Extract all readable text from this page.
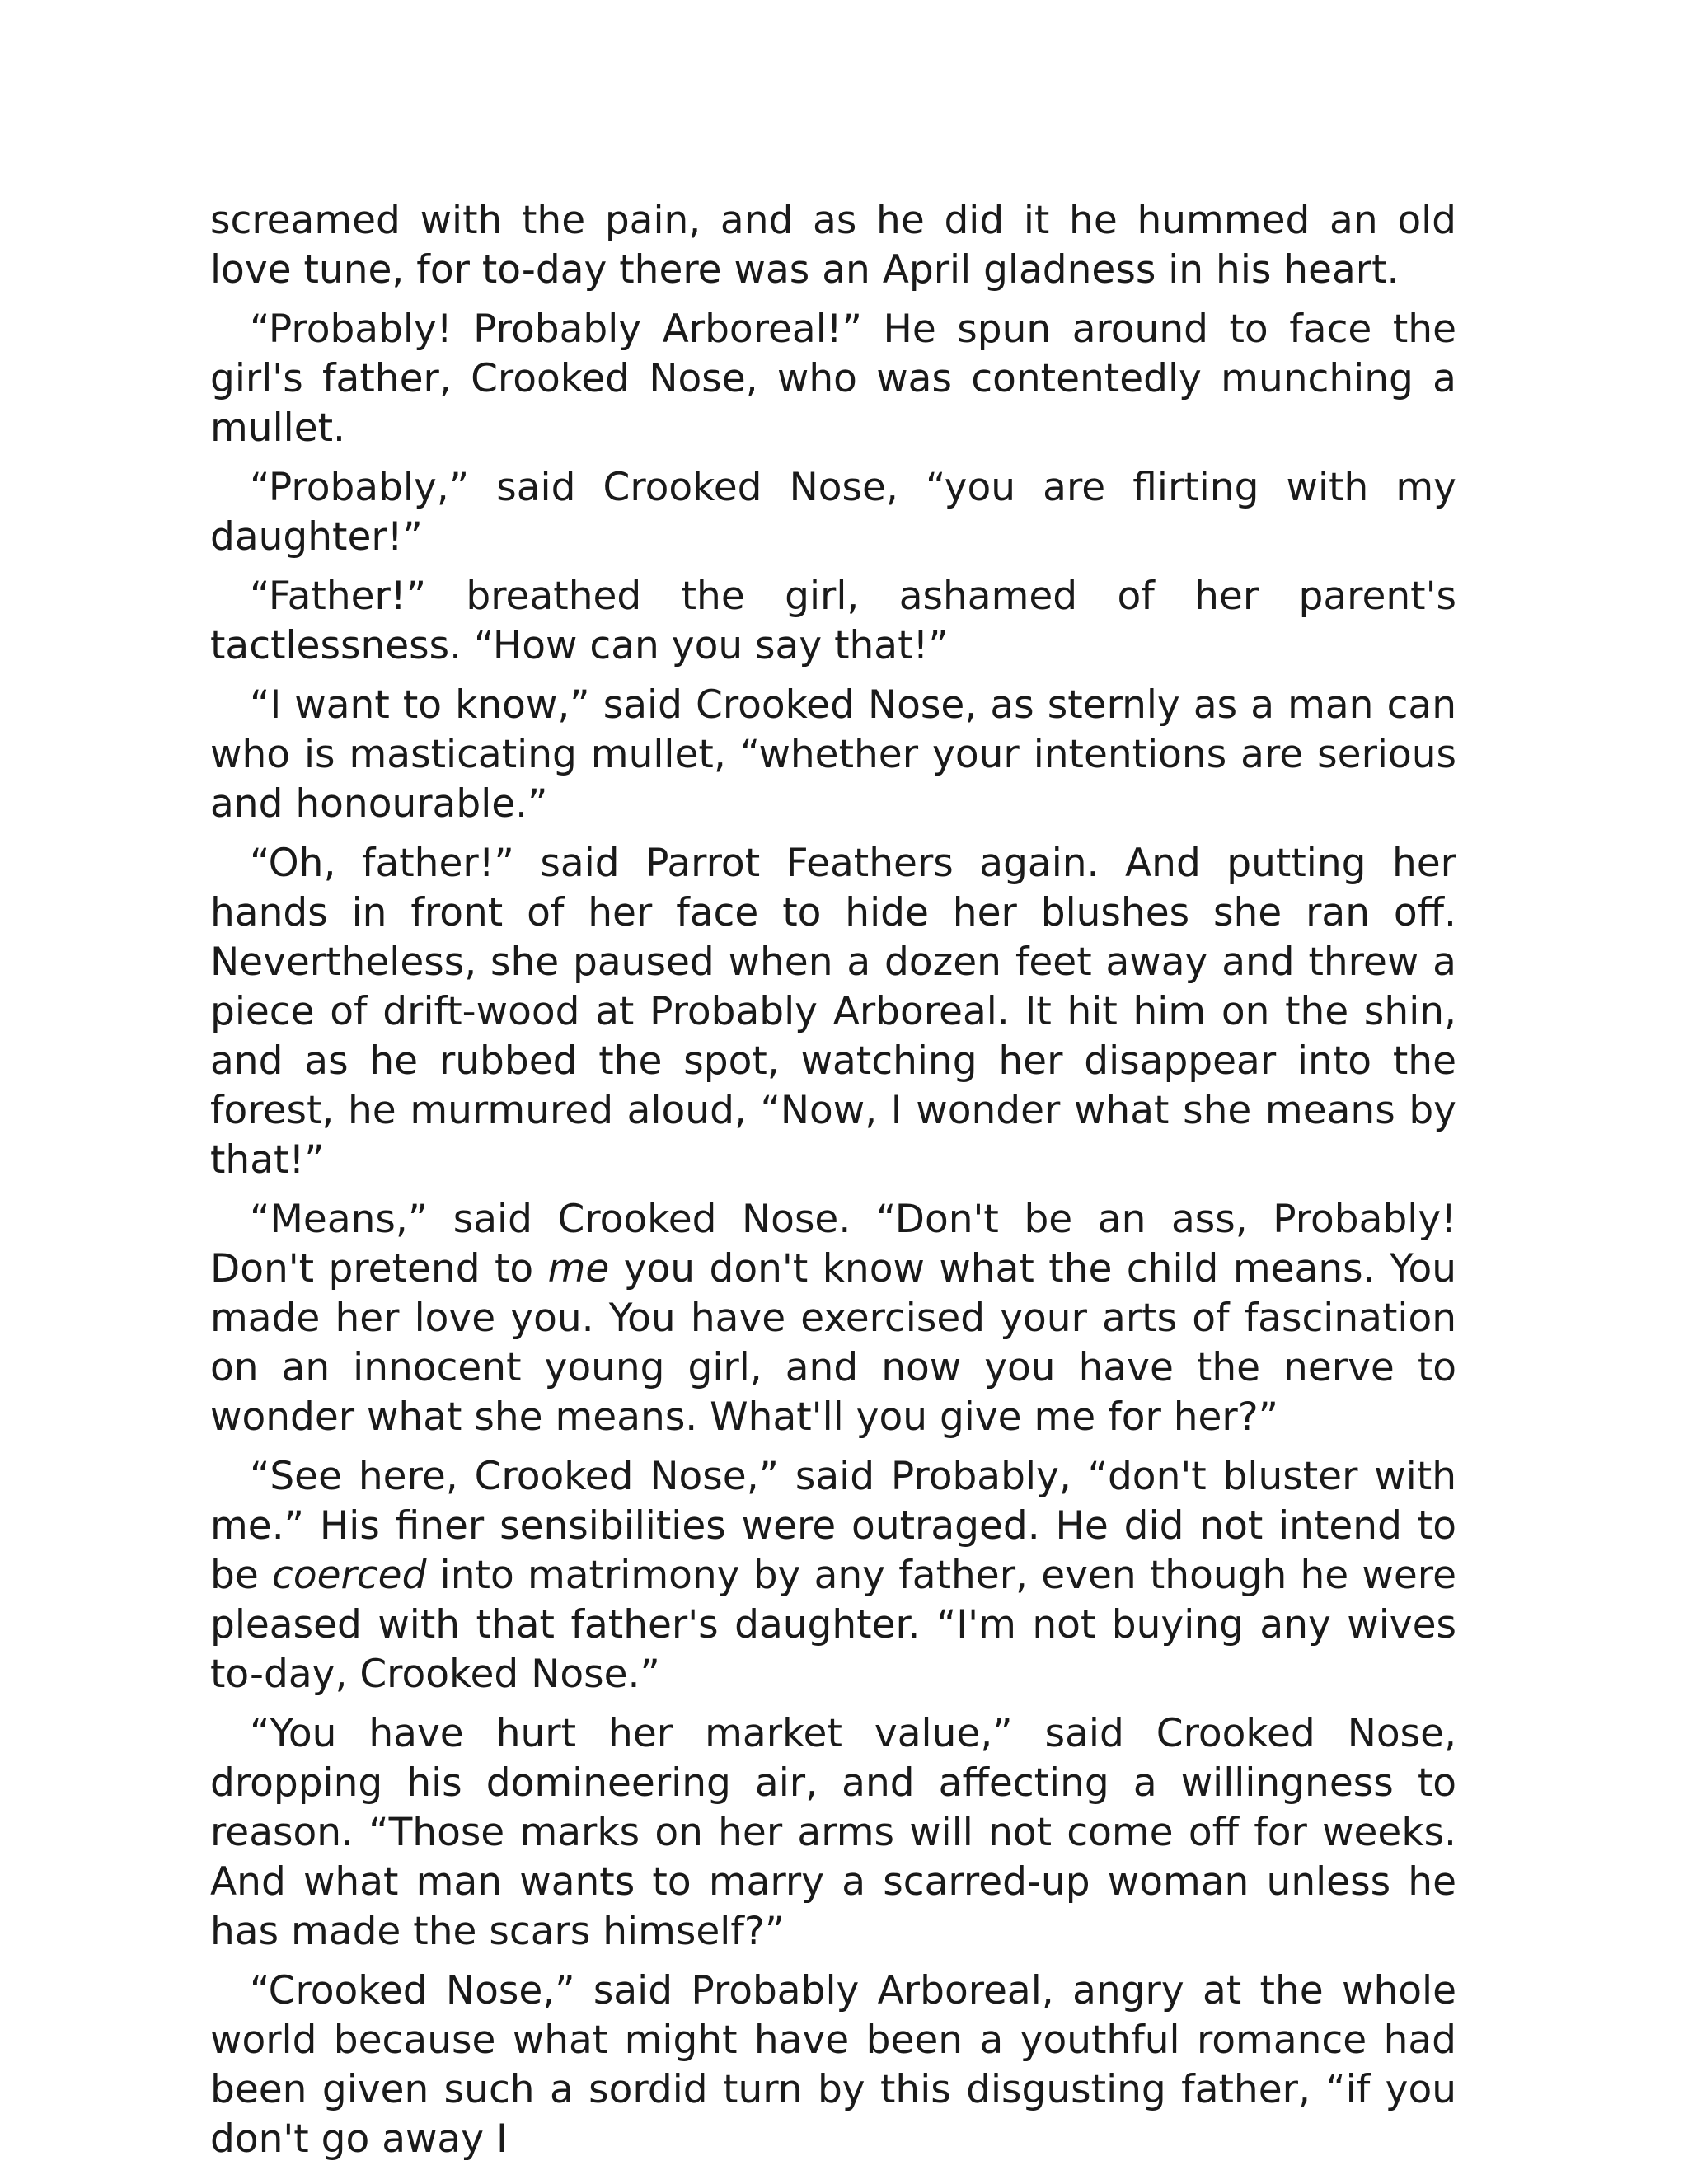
screamed with the pain, and as he did it he hummed an old love tune, for to-day there was an April gladness in his heart.

“Probably! Probably Arboreal!” He spun around to face the girl's father, Crooked Nose, who was contentedly munching a mullet.

“Probably,” said Crooked Nose, “you are flirting with my daughter!”

“Father!” breathed the girl, ashamed of her parent's tactlessness. “How can you say that!”

“I want to know,” said Crooked Nose, as sternly as a man can who is masticating mullet, “whether your intentions are serious and honourable.”

“Oh, father!” said Parrot Feathers again. And putting her hands in front of her face to hide her blushes she ran off. Nevertheless, she paused when a dozen feet away and threw a piece of drift-wood at Probably Arboreal. It hit him on the shin, and as he rubbed the spot, watching her disappear into the forest, he murmured aloud, “Now, I wonder what she means by that!”

“Means,” said Crooked Nose. “Don't be an ass, Probably! Don't pretend to me you don't know what the child means. You made her love you. You have exercised your arts of fascination on an innocent young girl, and now you have the nerve to wonder what she means. What'll you give me for her?”

“See here, Crooked Nose,” said Probably, “don't bluster with me.” His finer sensibilities were outraged. He did not intend to be coerced into matrimony by any father, even though he were pleased with that father's daughter. “I'm not buying any wives to-day, Crooked Nose.”

“You have hurt her market value,” said Crooked Nose, dropping his domineering air, and affecting a willingness to reason. “Those marks on her arms will not come off for weeks. And what man wants to marry a scarred-up woman unless he has made the scars himself?”

“Crooked Nose,” said Probably Arboreal, angry at the whole world because what might have been a youthful romance had been given such a sordid turn by this disgusting father, “if you don't go away I
